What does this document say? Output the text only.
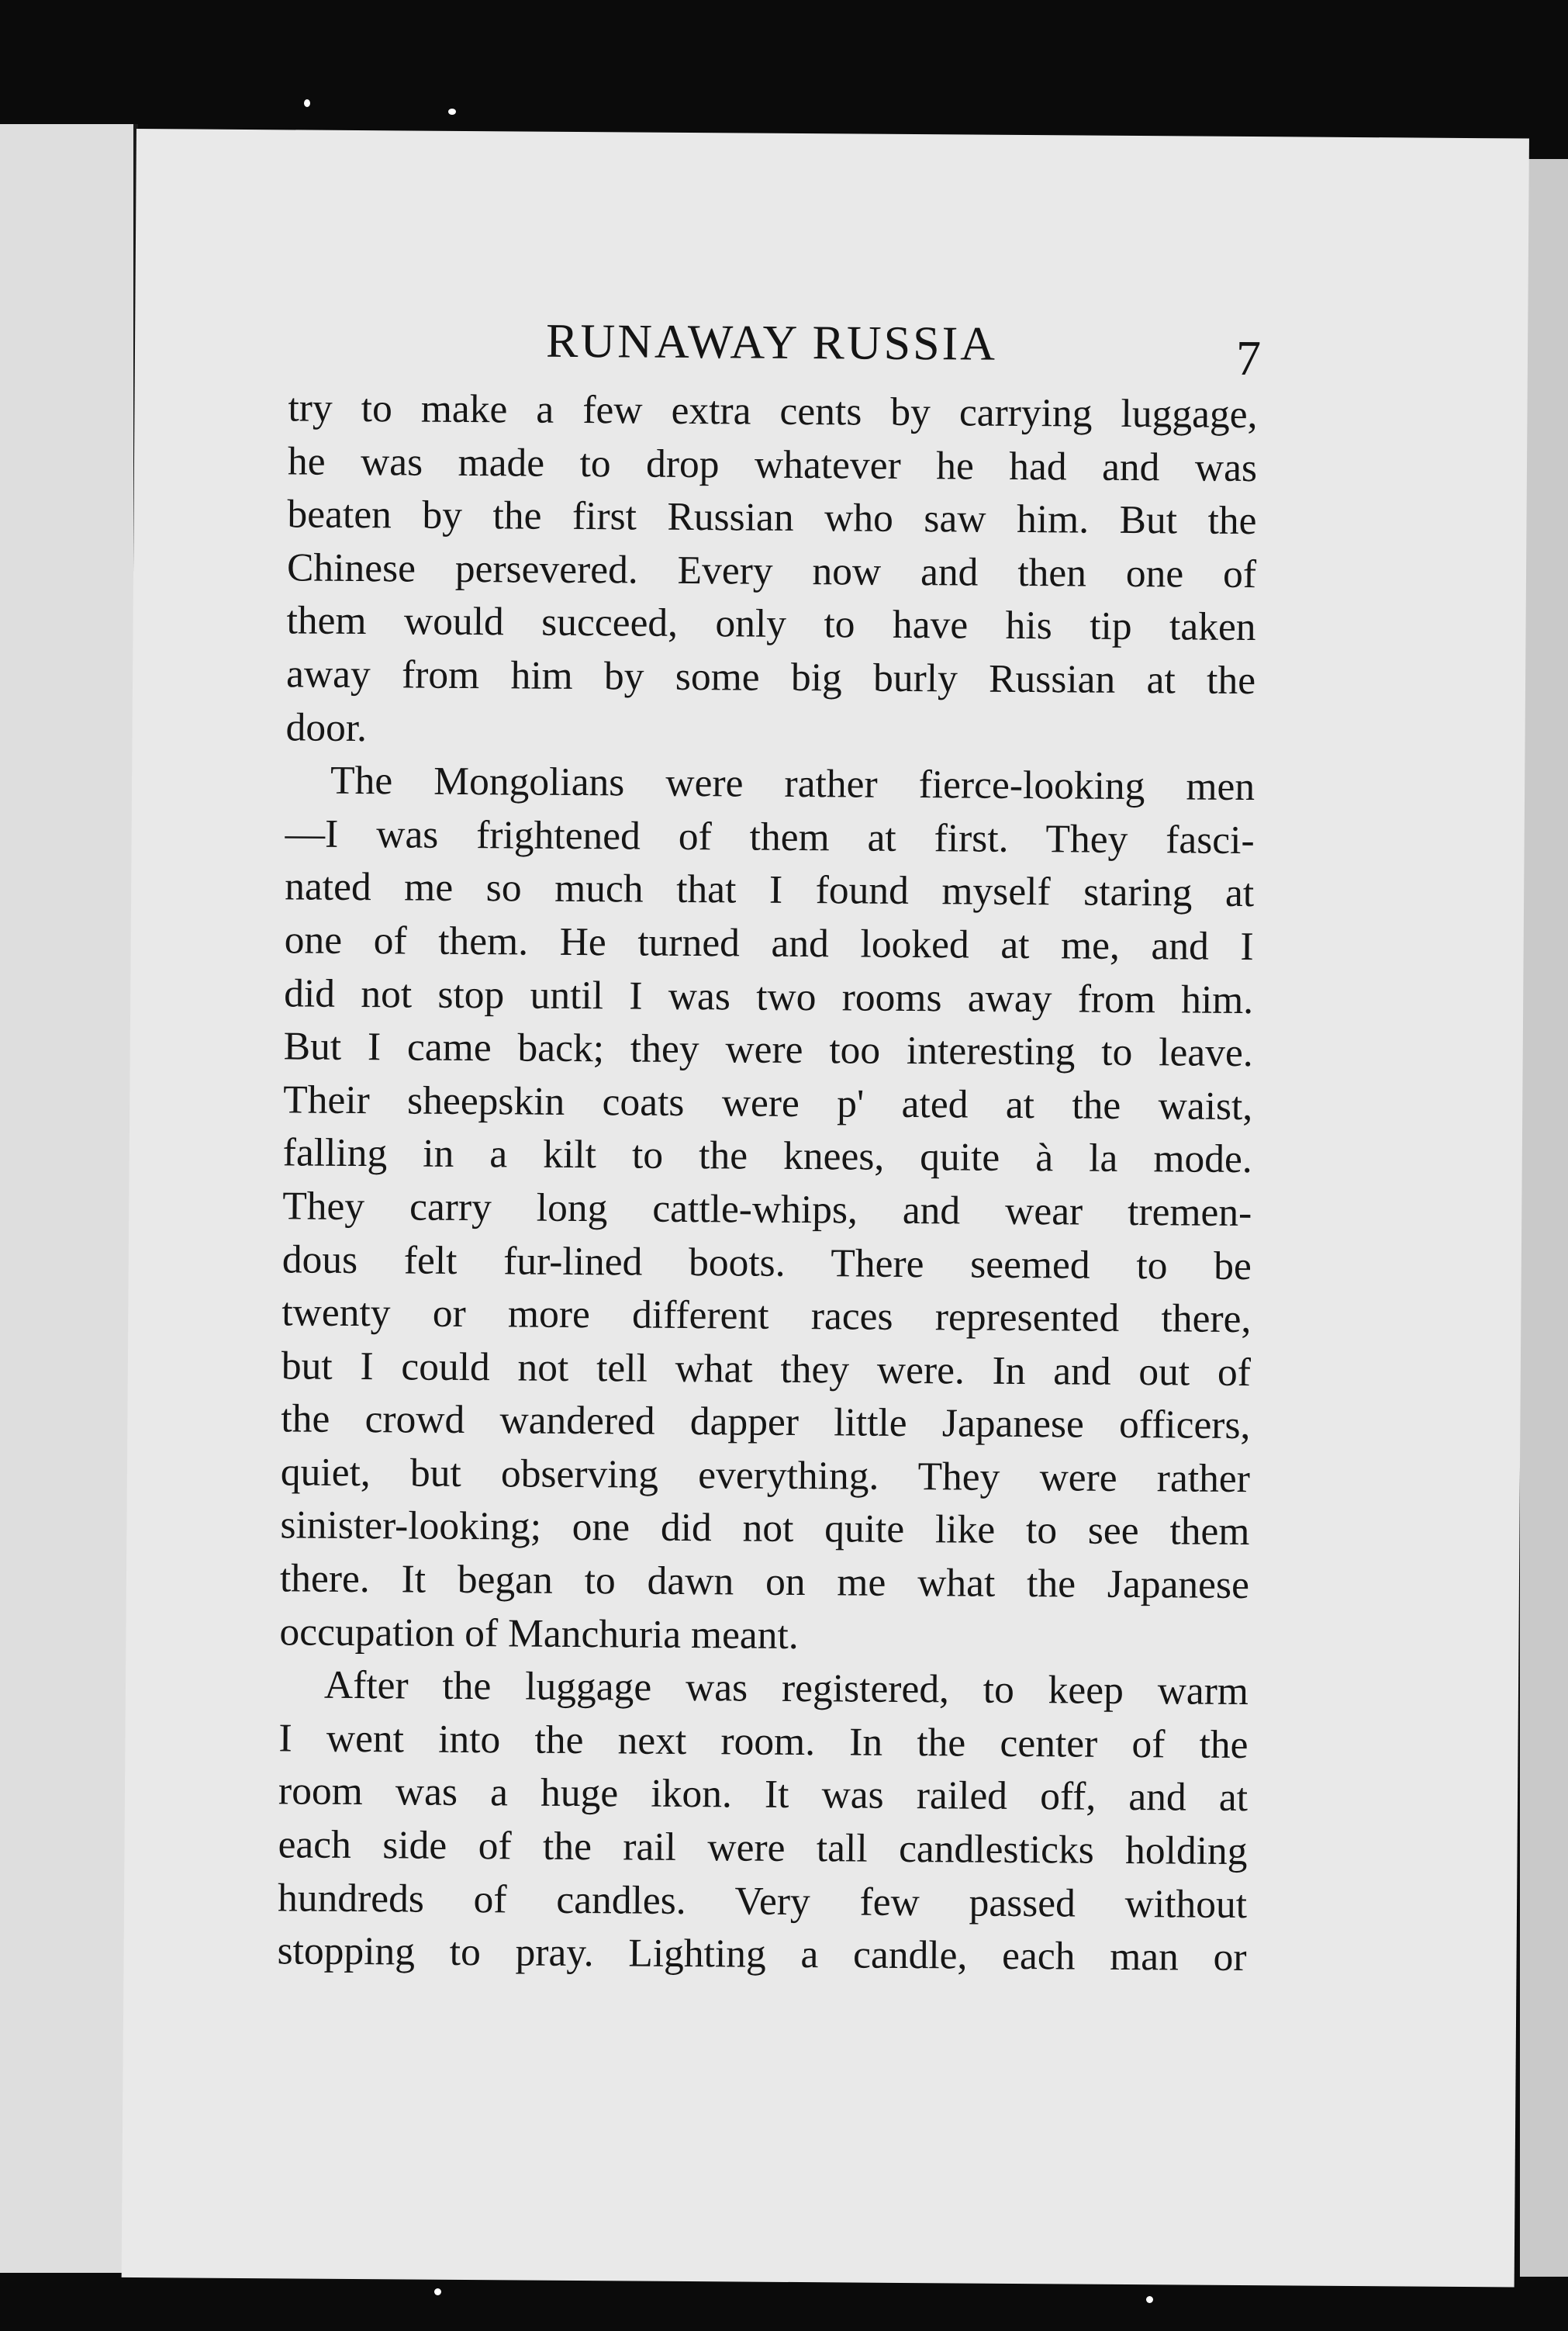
RUNAWAY RUSSIA	7
try to make a few extra cents by carrying luggage,
he was made to drop whatever he had and was
beaten by the first Russian who saw him. But the
Chinese persevered. Every now and then one of
them would succeed, only to have his tip taken
away from him by some big burly Russian at the
door.
The Mongolians were rather fierce-looking men
—I was frightened of them at first. They fasci-
nated me so much that I found myself staring at
one of them. He turned and looked at me, and I
did not stop until I was two rooms away from him.
But I came back; they were too interesting to leave.
Their sheepskin coats were p' ated at the waist,
falling in a kilt to the knees, quite à la mode.
They carry long cattle-whips, and wear tremen-
dous felt fur-lined boots. There seemed to be
twenty or more different races represented there,
but I could not tell what they were. In and out of
the crowd wandered dapper little Japanese officers,
quiet, but observing everything. They were rather
sinister-looking; one did not quite like to see them
there. It began to dawn on me what the Japanese
occupation of Manchuria meant.
After the luggage was registered, to keep warm
I went into the next room. In the center of the
room was a huge ikon. It was railed off, and at
each side of the rail were tall candlesticks holding
hundreds of candles. Very few passed without
stopping to pray. Lighting a candle, each man or
